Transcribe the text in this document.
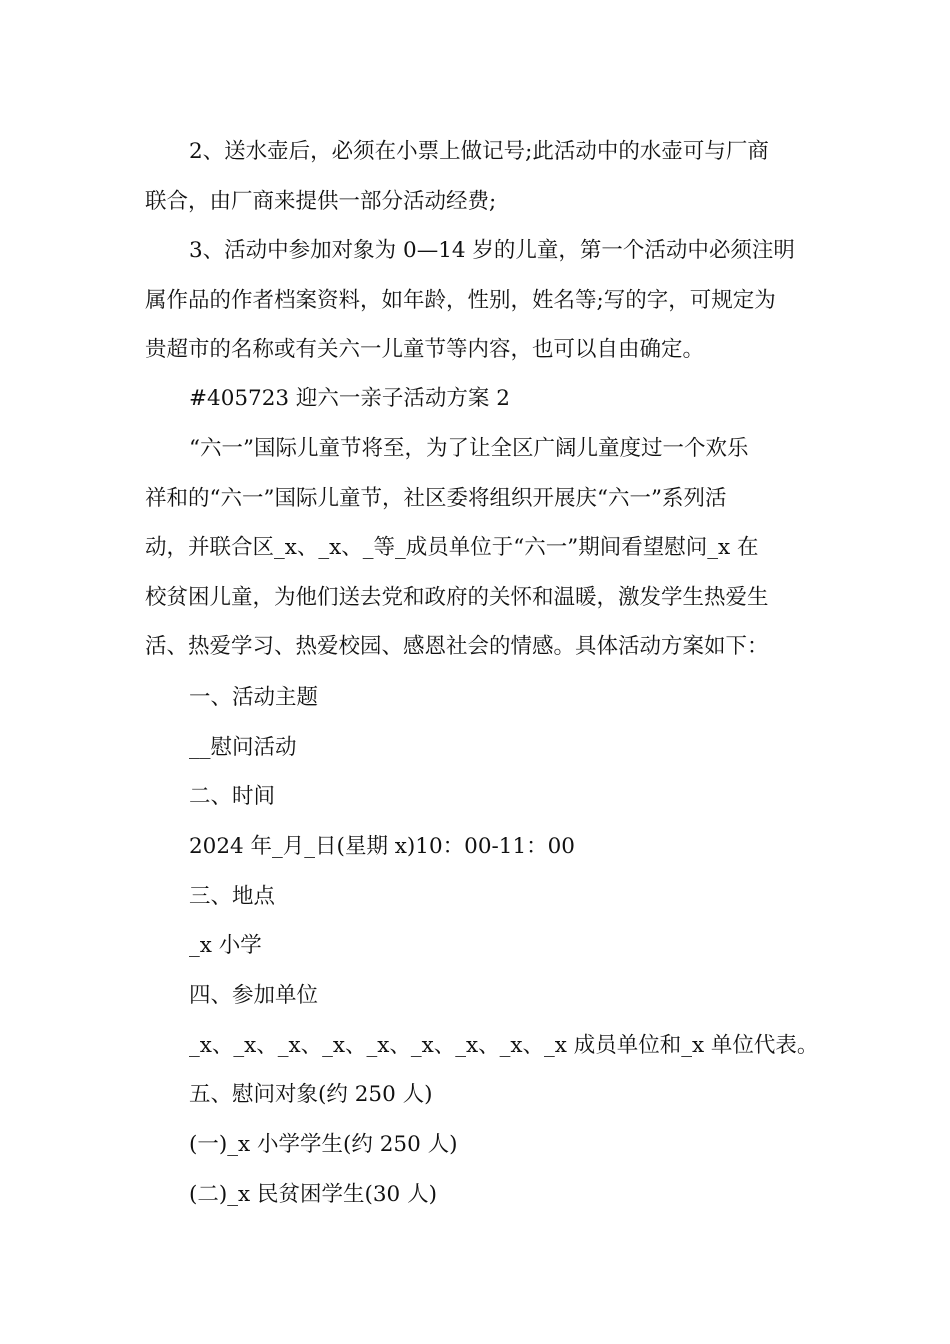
2、送水壶后，必须在小票上做记号;此活动中的水壶可与厂商
联合，由厂商来提供一部分活动经费;

3、活动中参加对象为 0—14 岁的儿童，第一个活动中必须注明
属作品的作者档案资料，如年龄，性别，姓名等;写的字，可规定为
贵超市的名称或有关六一儿童节等内容，也可以自由确定。

#405723 迎六一亲子活动方案 2

“六一”国际儿童节将至，为了让全区广阔儿童度过一个欢乐
祥和的“六一”国际儿童节，社区委将组织开展庆“六一”系列活
动，并联合区_x、_x、_等_成员单位于“六一”期间看望慰问_x 在
校贫困儿童，为他们送去党和政府的关怀和温暖，激发学生热爱生
活、热爱学习、热爱校园、感恩社会的情感。具体活动方案如下：

一、活动主题

__慰问活动

二、时间

2024 年_月_日(星期 x)10：00-11：00

三、地点

_x 小学

四、参加单位

_x、_x、_x、_x、_x、_x、_x、_x、_x 成员单位和_x 单位代表。

五、慰问对象(约 250 人)

(一)_x 小学学生(约 250 人)

(二)_x 民贫困学生(30 人)
